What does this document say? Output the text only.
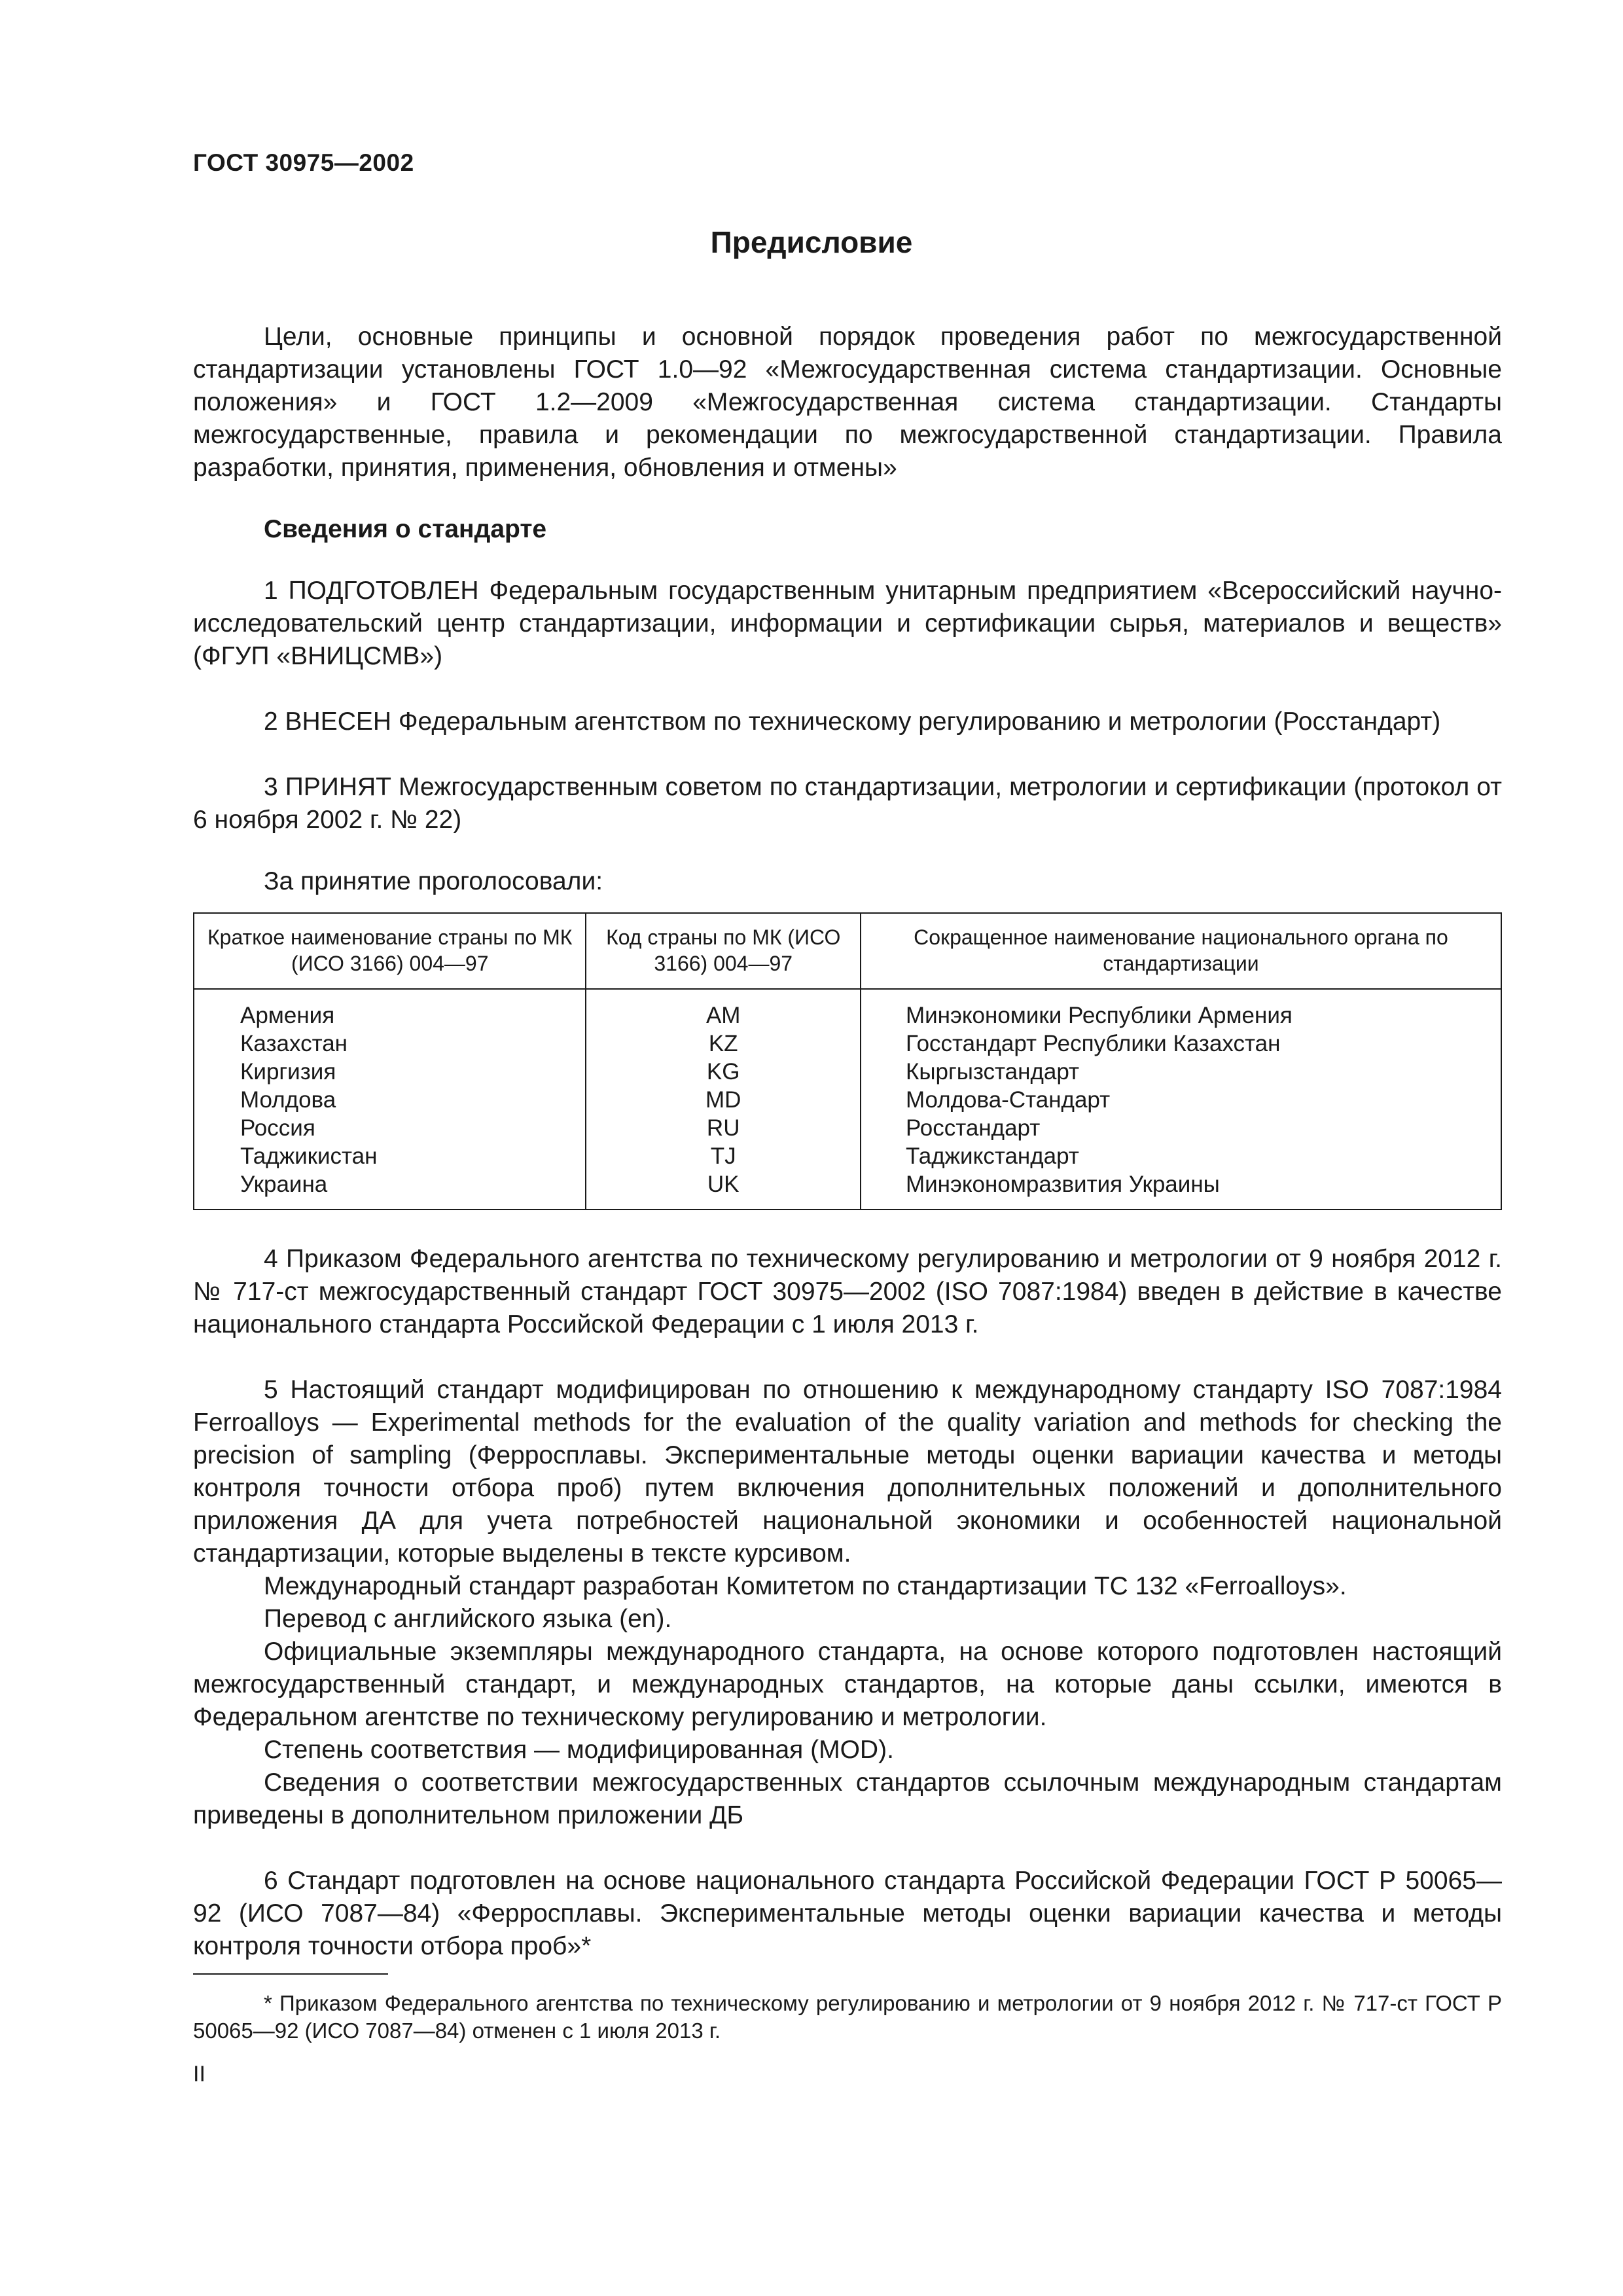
ГОСТ 30975—2002
Предисловие

Цели, основные принципы и основной порядок проведения работ по межгосударственной стандартизации установлены ГОСТ 1.0—92 «Межгосударственная система стандартизации. Основные положения» и ГОСТ 1.2—2009 «Межгосударственная система стандартизации. Стандарты межгосударственные, правила и рекомендации по межгосударственной стандартизации. Правила разработки, принятия, применения, обновления и отмены»

Сведения о стандарте

1 ПОДГОТОВЛЕН Федеральным государственным унитарным предприятием «Всероссийский научно-исследовательский центр стандартизации, информации и сертификации сырья, материалов и веществ» (ФГУП «ВНИЦСМВ»)

2 ВНЕСЕН Федеральным агентством по техническому регулированию и метрологии (Росстандарт)

3 ПРИНЯТ Межгосударственным советом по стандартизации, метрологии и сертификации (протокол от 6 ноября 2002 г. № 22)

За принятие проголосовали:

Краткое наименование страны по МК (ИСО 3166) 004—97	Код страны по МК (ИСО 3166) 004—97	Сокращенное наименование национального органа по стандартизации
Армения	AM	Минэкономики Республики Армения
Казахстан	KZ	Госстандарт Республики Казахстан
Киргизия	KG	Кыргызстандарт
Молдова	MD	Молдова-Стандарт
Россия	RU	Росстандарт
Таджикистан	TJ	Таджикстандарт
Украина	UK	Минэкономразвития Украины

4 Приказом Федерального агентства по техническому регулированию и метрологии от 9 ноября 2012 г. № 717-ст межгосударственный стандарт ГОСТ 30975—2002 (ISO 7087:1984) введен в действие в качестве национального стандарта Российской Федерации с 1 июля 2013 г.

5 Настоящий стандарт модифицирован по отношению к международному стандарту ISO 7087:1984 Ferroalloys — Experimental methods for the evaluation of the quality variation and methods for checking the precision of sampling (Ферросплавы. Экспериментальные методы оценки вариации качества и методы контроля точности отбора проб) путем включения дополнительных положений и дополнительного приложения ДА для учета потребностей национальной экономики и особенностей национальной стандартизации, которые выделены в тексте курсивом.

Международный стандарт разработан Комитетом по стандартизации TC 132 «Ferroalloys».

Перевод с английского языка (en).

Официальные экземпляры международного стандарта, на основе которого подготовлен настоящий межгосударственный стандарт, и международных стандартов, на которые даны ссылки, имеются в Федеральном агентстве по техническому регулированию и метрологии.

Степень соответствия — модифицированная (MOD).

Сведения о соответствии межгосударственных стандартов ссылочным международным стандартам приведены в дополнительном приложении ДБ

6 Стандарт подготовлен на основе национального стандарта Российской Федерации ГОСТ Р 50065—92 (ИСО 7087—84) «Ферросплавы. Экспериментальные методы оценки вариации качества и методы контроля точности отбора проб»*

* Приказом Федерального агентства по техническому регулированию и метрологии от 9 ноября 2012 г. № 717-ст ГОСТ Р 50065—92 (ИСО 7087—84) отменен с 1 июля 2013 г.
II
